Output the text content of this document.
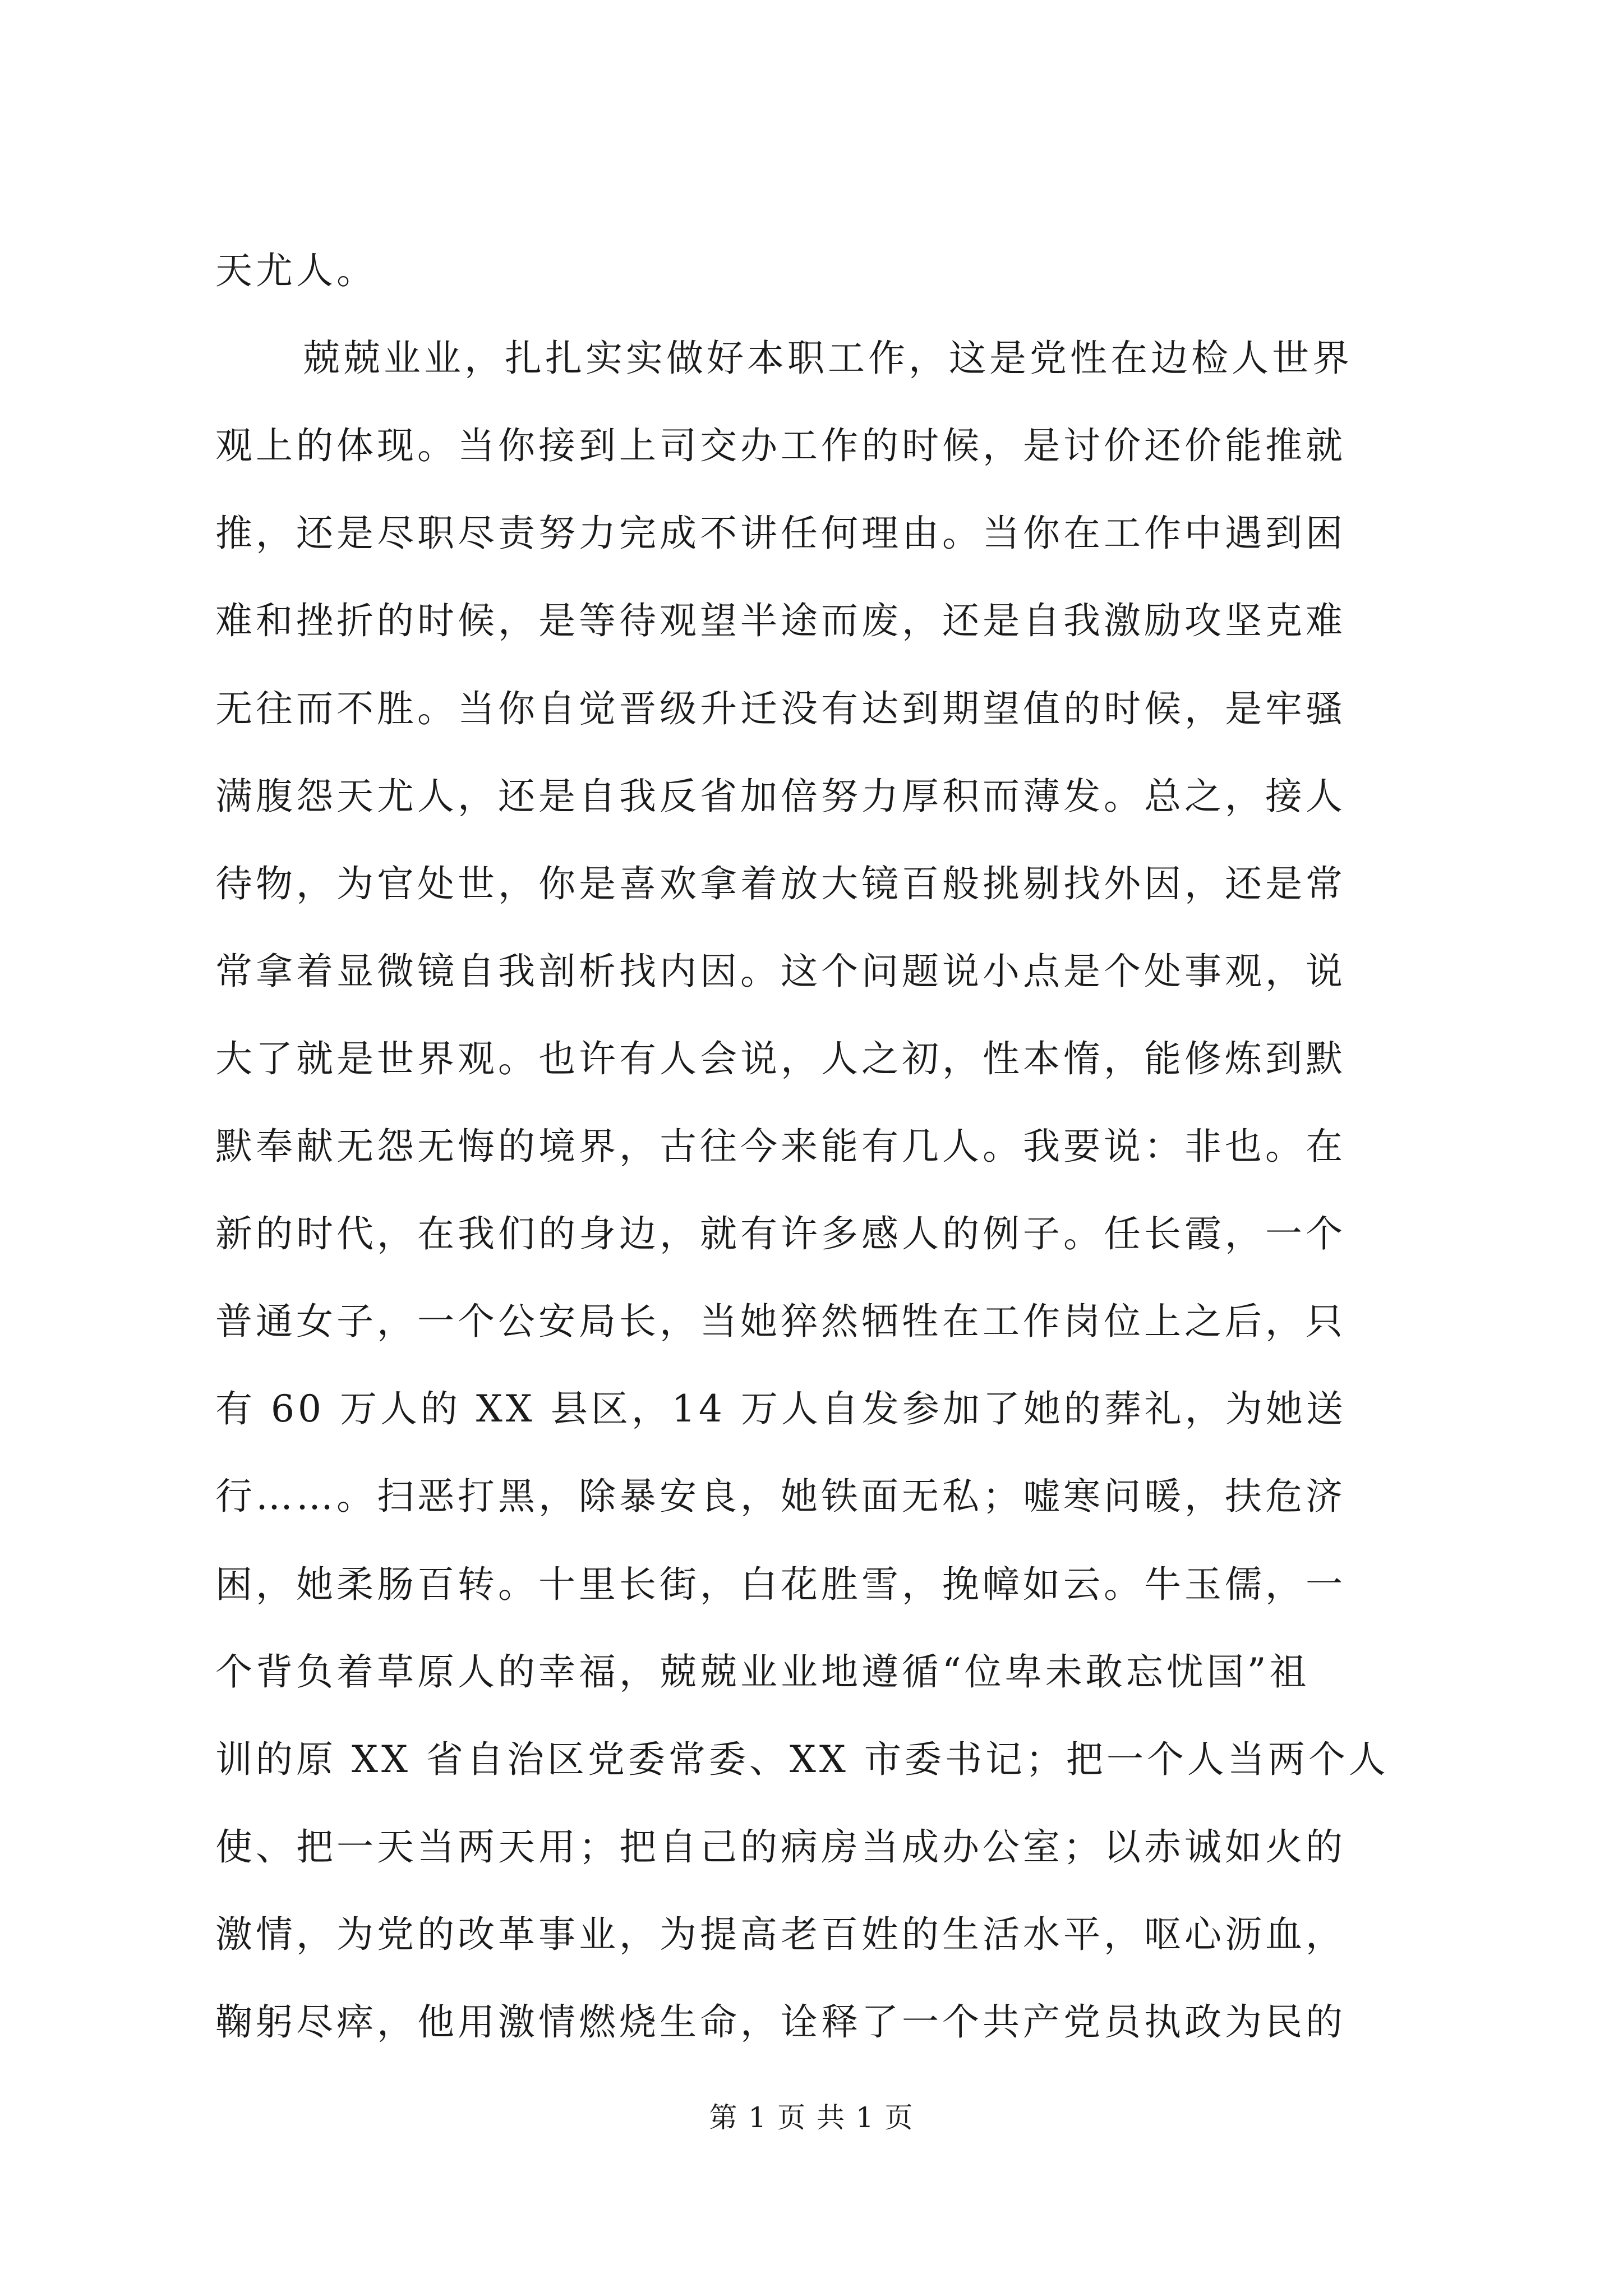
天尤人。
兢兢业业，扎扎实实做好本职工作，这是党性在边检人世界
观上的体现。当你接到上司交办工作的时候，是讨价还价能推就
推，还是尽职尽责努力完成不讲任何理由。当你在工作中遇到困
难和挫折的时候，是等待观望半途而废，还是自我激励攻坚克难
无往而不胜。当你自觉晋级升迁没有达到期望值的时候，是牢骚
满腹怨天尤人，还是自我反省加倍努力厚积而薄发。总之，接人
待物，为官处世，你是喜欢拿着放大镜百般挑剔找外因，还是常
常拿着显微镜自我剖析找内因。这个问题说小点是个处事观，说
大了就是世界观。也许有人会说，人之初，性本惰，能修炼到默
默奉献无怨无悔的境界，古往今来能有几人。我要说：非也。在
新的时代，在我们的身边，就有许多感人的例子。任长霞，一个
普通女子，一个公安局长，当她猝然牺牲在工作岗位上之后，只
有 60 万人的 XX 县区，14 万人自发参加了她的葬礼，为她送
行……。扫恶打黑，除暴安良，她铁面无私；嘘寒问暖，扶危济
困，她柔肠百转。十里长街，白花胜雪，挽幛如云。牛玉儒，一
个背负着草原人的幸福，兢兢业业地遵循“位卑未敢忘忧国”祖
训的原 XX 省自治区党委常委、XX 市委书记；把一个人当两个人
使、把一天当两天用；把自己的病房当成办公室；以赤诚如火的
激情，为党的改革事业，为提高老百姓的生活水平，呕心沥血，
鞠躬尽瘁，他用激情燃烧生命，诠释了一个共产党员执政为民的
第 1 页 共 1 页
